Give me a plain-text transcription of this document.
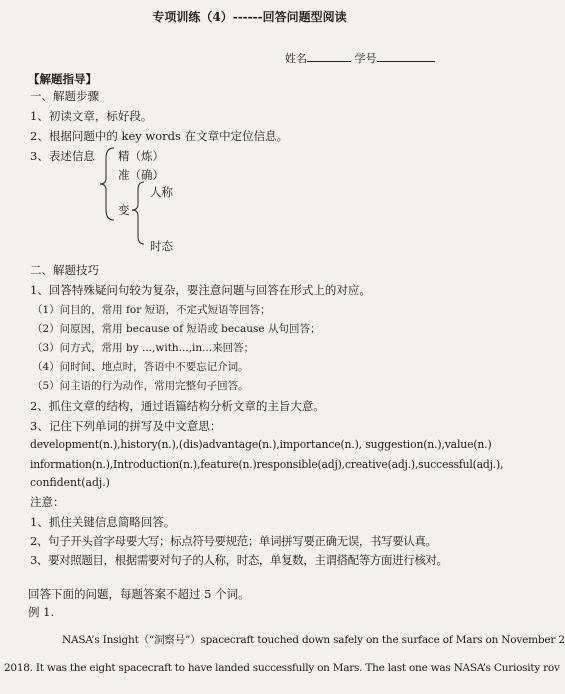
专项训练（4）------回答问题型阅读
姓名	学号
【解题指导】
一、解题步骤
1、初读文章，标好段。
2、根据问题中的 key words 在文章中定位信息。
3、表述信息 精（炼）
准（确）
变
人称
时态
二、解题技巧
1、回答特殊疑问句较为复杂，要注意问题与回答在形式上的对应。
（1）问目的，常用 for 短语，不定式短语等回答；
（2）问原因，常用 because of 短语或 because 从句回答；
（3）问方式，常用 by ...,with...,in...来回答；
（4）问时间、地点时，答语中不要忘记介词。
（5）问主语的行为动作，常用完整句子回答。
2、抓住文章的结构，通过语篇结构分析文章的主旨大意。
3、记住下列单词的拼写及中文意思：
development(n.),history(n.),(dis)advantage(n.),importance(n.), suggestion(n.),value(n.)
information(n.),Introduction(n.),feature(n.)responsible(adj),creative(adj.),successful(adj.),
confident(adj.)
注意：
1、抓住关键信息简略回答。
2、句子开头首字母要大写；标点符号要规范；单词拼写要正确无误，书写要认真。
3、要对照题目，根据需要对句子的人称，时态，单复数，主谓搭配等方面进行核对。
回答下面的问题，每题答案不超过 5 个词。
例 1.
NASA’s Insight（“洞察号”）spacecraft touched down safely on the surface of Mars on November 2
2018. It was the eight spacecraft to have landed successfully on Mars. The last one was NASA’s Curiosity rov
